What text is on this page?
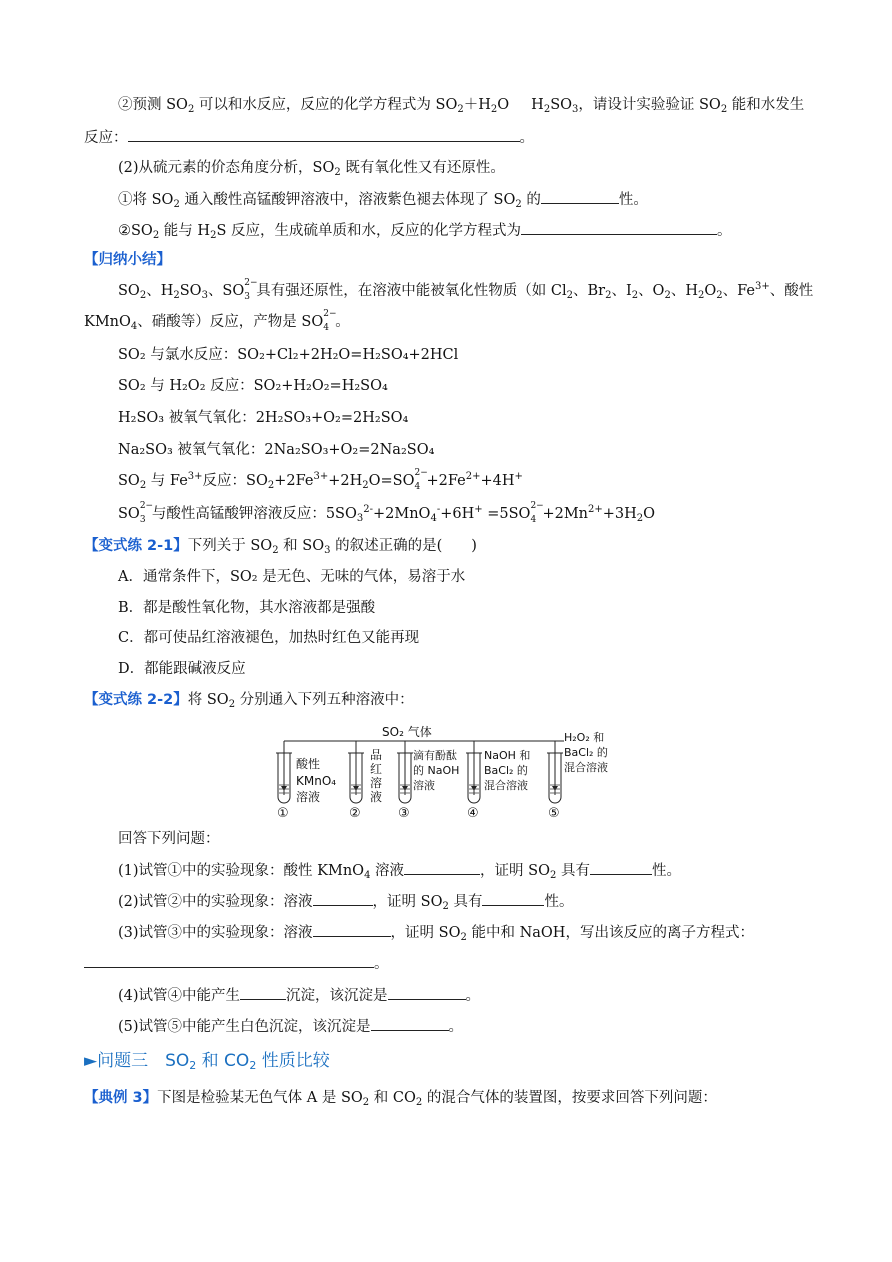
②预测 $SO_2$ 可以和水反应，反应的化学方程式为 $SO_2+H_2O$ $H_2SO_3$，请设计实验验证 $SO_2$ 能和水发生
反应：	。
(2)从硫元素的价态角度分析，$SO_2$ 既有氧化性又有还原性。
①将 $SO_2$ 通入酸性高锰酸钾溶液中，溶液紫色褪去体现了 $SO_2$ 的	性。
$②SO_2$ 能与 $H_2S$ 反应，生成硫单质和水，反应的化学方程式为	。
【归纳小结】
$SO_2$、$H_2SO_3$、SO 2−
3 具有强还原性，在溶液中能被氧化性物质（如 $Cl_2$、$Br_2$、$I_2$、$O_2$、$H_2O_2$、$Fe^{3+}$、酸性
KMnO$_4$、硝酸等）反应，产物是 SO 2−
4 。
SO₂ 与氯水反应：SO₂+Cl₂+2H₂O=H₂SO₄+2HCl
SO₂ 与 H₂O₂ 反应：SO₂+H₂O₂=H₂SO₄
H₂SO₃ 被氧气氧化：2H₂SO₃+O₂=2H₂SO₄
Na₂SO₃ 被氧气氧化：2Na₂SO₃+O₂=2Na₂SO₄
$SO_2$ 与 $Fe^{3+}$反应：$SO_2+2Fe^{3+}+2H_2O=SO$ 2−
$4 +2Fe^{2+}+4H^+$
SO 2−
3 与酸性高锰酸钾溶液反应：$5SO_3^{2-}+2MnO_4^-+6H^+ =5SO$ 2−
$4 +2Mn^{2+}+3H_2O$
【变式练 2-1】下列关于 $SO_2$ 和 $SO_3$ 的叙述正确的是(　　)
A．通常条件下，SO₂ 是无色、无味的气体，易溶于水
B．都是酸性氧化物，其水溶液都是强酸
C．都可使品红溶液褪色，加热时红色又能再现
D．都能跟碱液反应
【变式练 2-2】将 $SO_2$ 分别通入下列五种溶液中：
SO₂ 气体
①
酸性
KMnO₄
溶液
②
品
红
溶
液
③
滴有酚酞
的 NaOH
溶液
④
NaOH 和
BaCl₂ 的
混合溶液
⑤
H₂O₂ 和
BaCl₂ 的
混合溶液
回答下列问题：
(1)试管①中的实验现象：酸性 KMnO$_4$ 溶液	，证明 $SO_2$ 具有	性。
(2)试管②中的实验现象：溶液	，证明 $SO_2$ 具有	性。
(3)试管③中的实验现象：溶液	，证明 $SO_2$ 能中和 NaOH，写出该反应的离子方程式：
。
(4)试管④中能产生	沉淀，该沉淀是	。
(5)试管⑤中能产生白色沉淀，该沉淀是	。
►问题三　$SO_2$ 和 $CO_2$ 性质比较
【典例 3】下图是检验某无色气体 A 是 $SO_2$ 和 $CO_2$ 的混合气体的装置图，按要求回答下列问题：
